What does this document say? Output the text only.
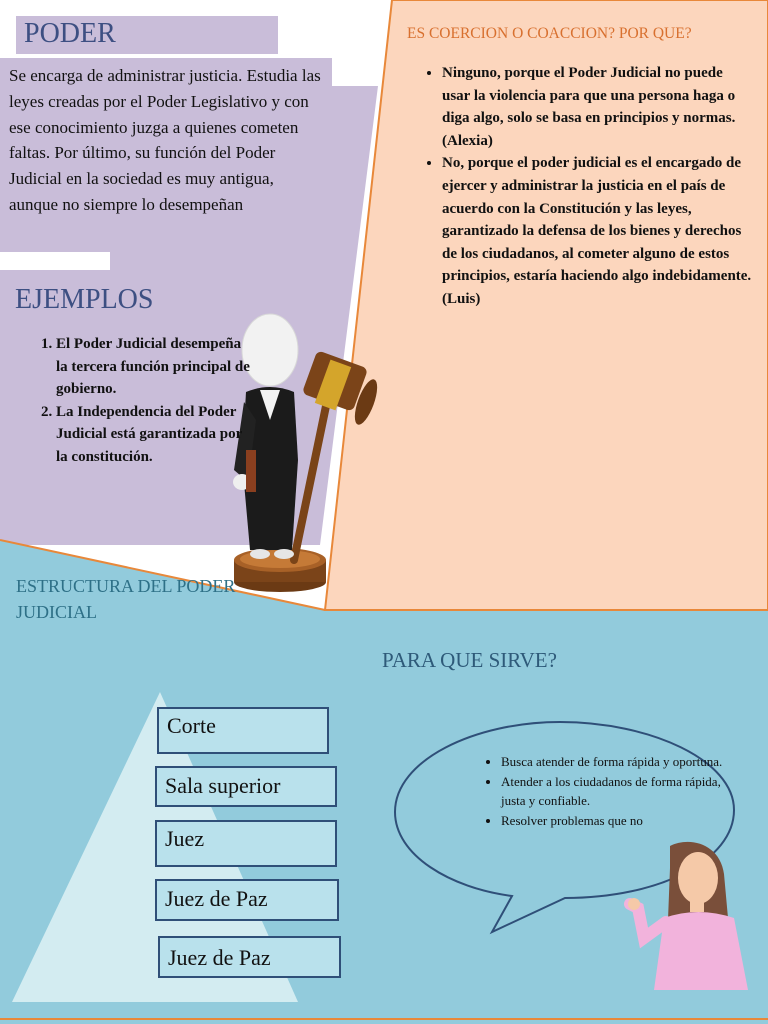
PODER

Se encarga de administrar justicia. Estudia las leyes creadas por el Poder Legislativo y con ese conocimiento juzga a quienes cometen faltas. Por último, su función del Poder Judicial en la sociedad es muy antigua, aunque no siempre lo desempeñan

EJEMPLOS
1. El Poder Judicial desempeña la tercera función principal de gobierno.
2. La Independencia del Poder Judicial está garantizada por la constitución.

ES COERCION O COACCION? POR QUE?

• Ninguno, porque el Poder Judicial no puede usar la violencia para que una persona haga o diga algo, solo se basa en principios y normas. (Alexia)
• No, porque el poder judicial es el encargado de ejercer y administrar la justicia en el país de acuerdo con la Constitución y las leyes, garantizado la defensa de los bienes y derechos de los ciudadanos, al cometer alguno de estos principios, estaría haciendo algo indebidamente. (Luis)

ESTRUCTURA DEL PODER JUDICIAL

PARA QUE SIRVE?

Corte
Sala superior
Juez
Juez de Paz
Juez de Paz
• Busca atender de forma rápida y oportuna.
• Atender a los ciudadanos de forma rápida, justa y confiable.
• Resolver problemas que no
